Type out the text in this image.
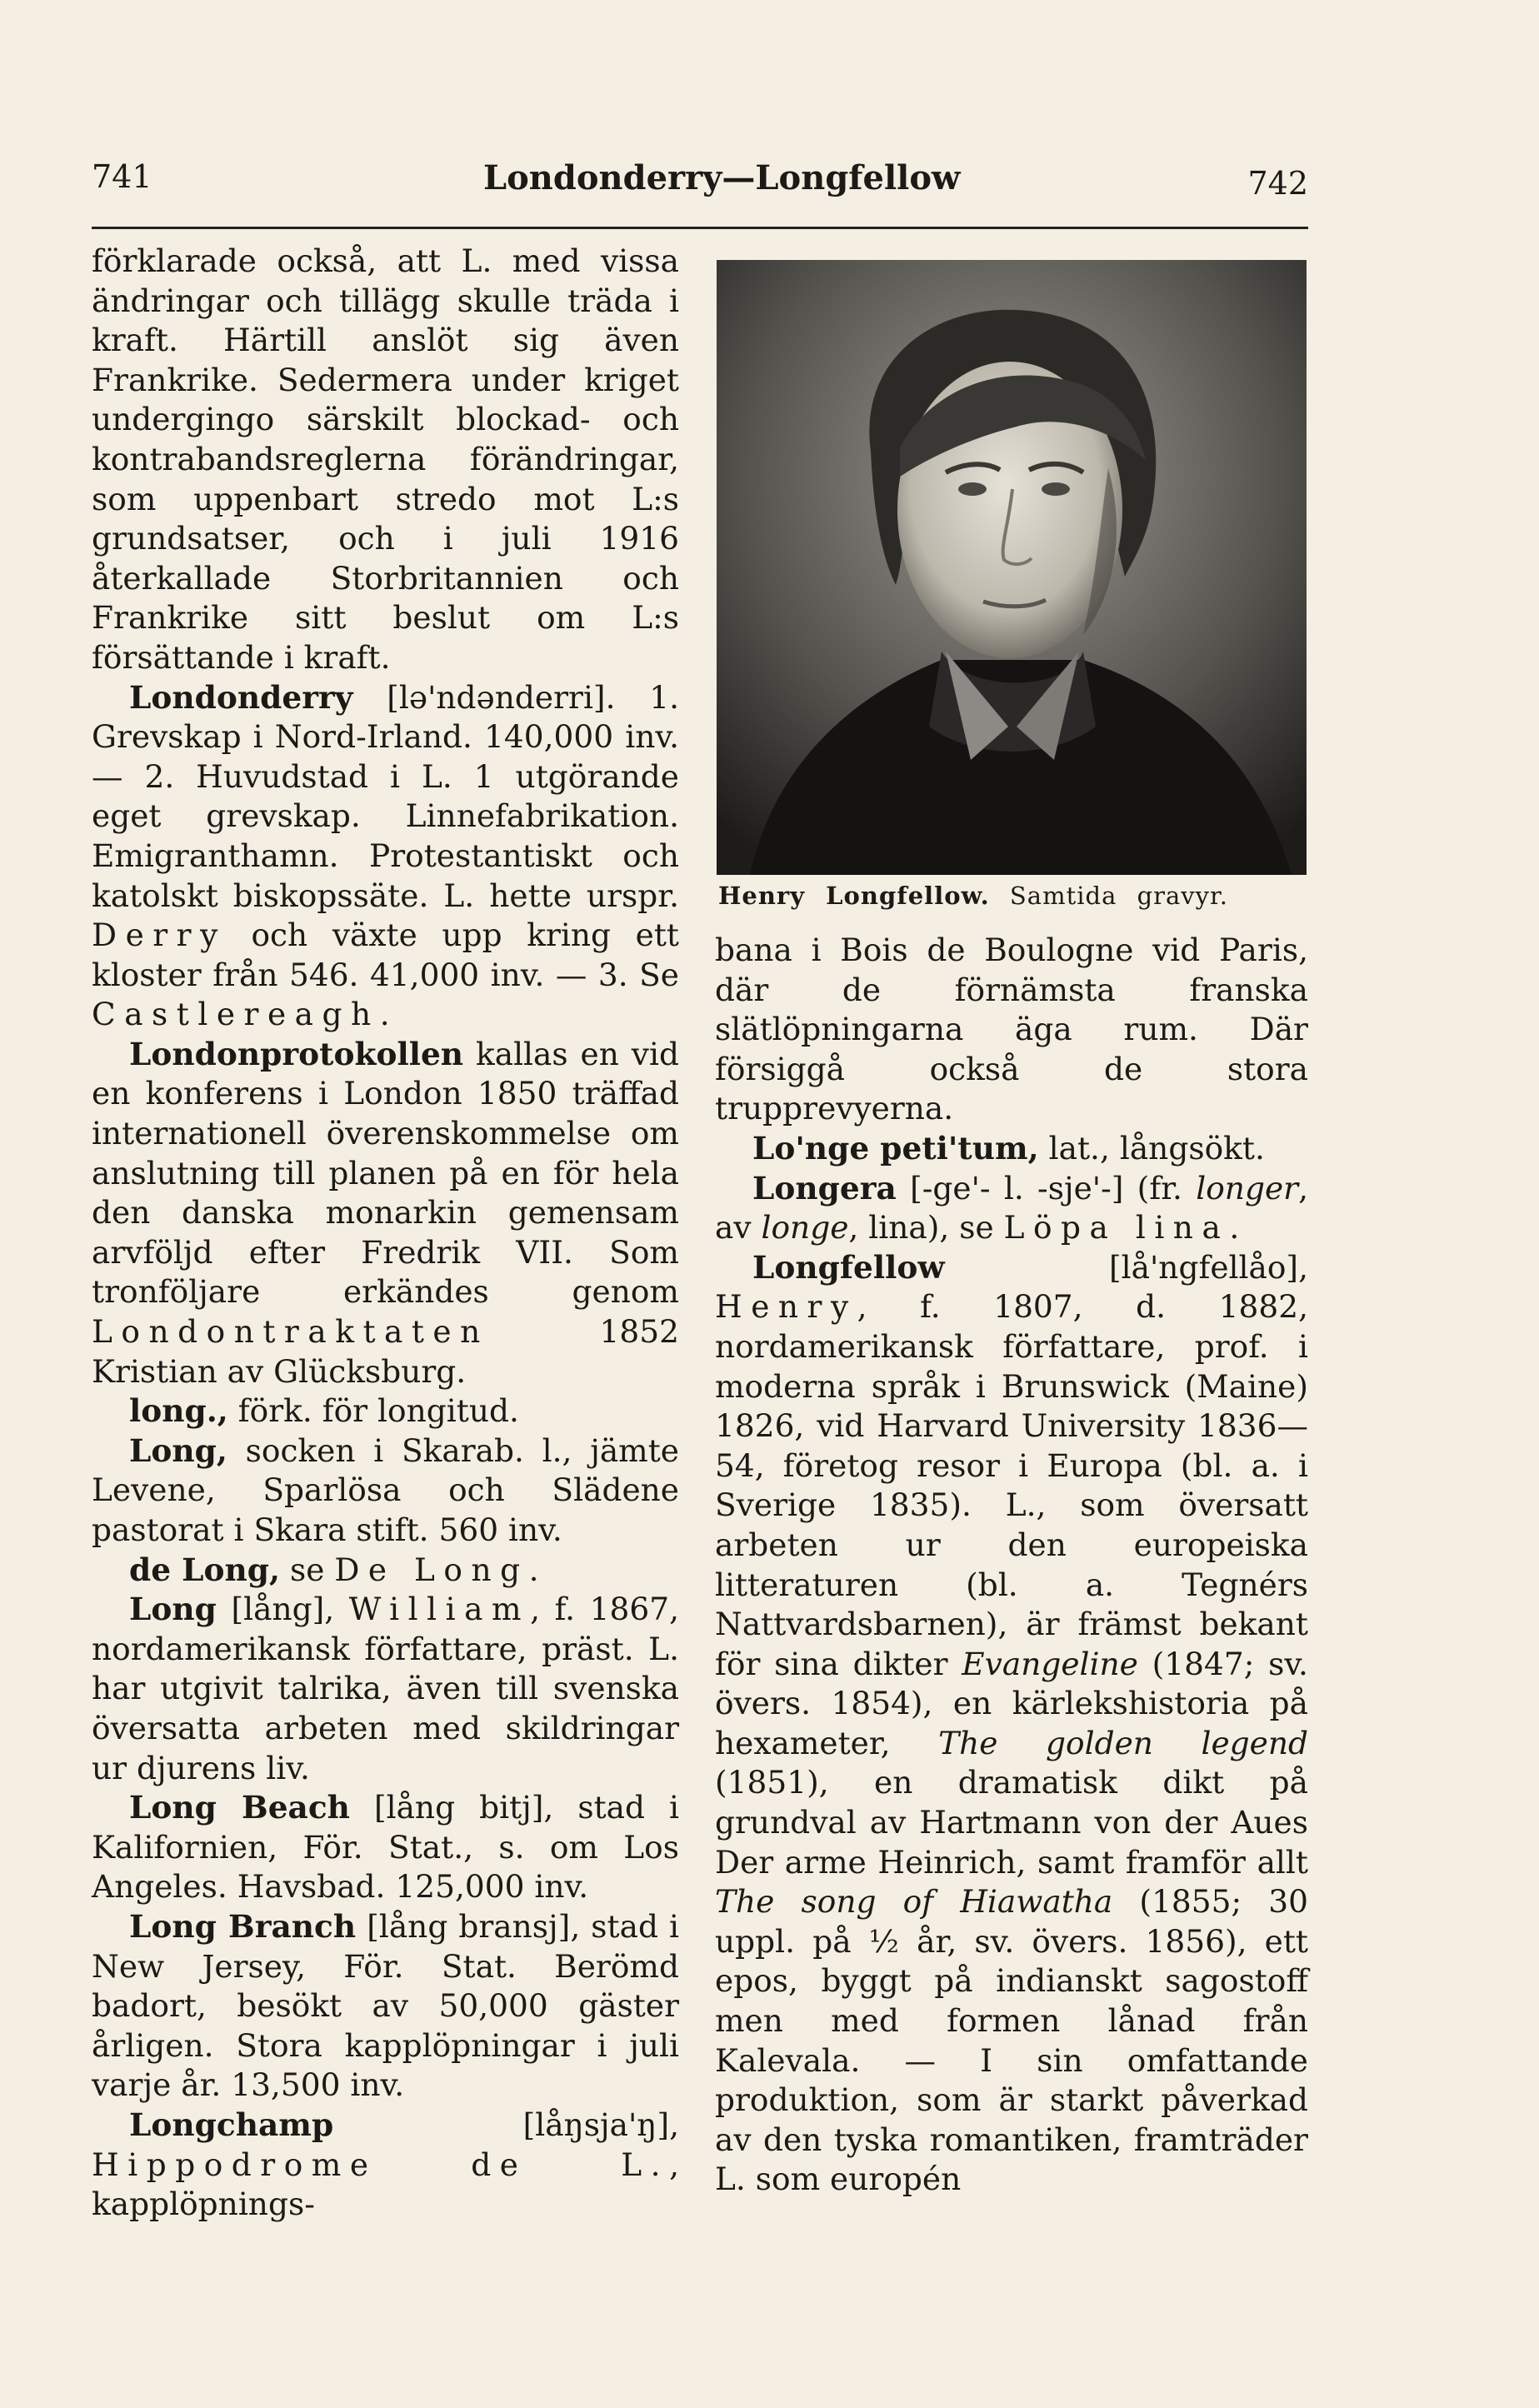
741	Londonderry—Longfellow	742

förklarade också, att L. med vissa ändringar och tillägg skulle träda i kraft. Härtill anslöt sig även Frankrike. Sedermera under kriget undergingo särskilt blockad- och kontrabandsreglerna förändringar, som uppenbart stredo mot L:s grundsatser, och i juli 1916 återkallade Storbritannien och Frankrike sitt beslut om L:s försättande i kraft.

Londonderry [lə'ndənderri]. 1. Grevskap i Nord-Irland. 140,000 inv. — 2. Huvudstad i L. 1 utgörande eget grevskap. Linnefabrikation. Emigranthamn. Protestantiskt och katolskt biskopssäte. L. hette urspr. Derry och växte upp kring ett kloster från 546. 41,000 inv. — 3. Se Castlereagh.

Londonprotokollen kallas en vid en konferens i London 1850 träffad internationell överenskommelse om anslutning till planen på en för hela den danska monarkin gemensam arvföljd efter Fredrik VII. Som tronföljare erkändes genom Londontraktaten 1852 Kristian av Glücksburg.

long., förk. för longitud.

Long, socken i Skarab. l., jämte Levene, Sparlösa och Slädene pastorat i Skara stift. 560 inv.

de Long, se De Long.

Long [lång], William, f. 1867, nordamerikansk författare, präst. L. har utgivit talrika, även till svenska översatta arbeten med skildringar ur djurens liv.

Long Beach [lång bitj], stad i Kalifornien, För. Stat., s. om Los Angeles. Havsbad. 125,000 inv.

Long Branch [lång bransj], stad i New Jersey, För. Stat. Berömd badort, besökt av 50,000 gäster årligen. Stora kapplöpningar i juli varje år. 13,500 inv.

Longchamp [låŋsja'ŋ], Hippodrome de L., kapplöpnings-

Henry Longfellow. Samtida gravyr.

bana i Bois de Boulogne vid Paris, där de förnämsta franska slätlöpningarna äga rum. Där försiggå också de stora trupprevyerna.

Lo'nge peti'tum, lat., långsökt.

Longera [-ge'- l. -sje'-] (fr. longer, av longe, lina), se Löpa lina.

Longfellow [lå'ngfellåo], Henry, f. 1807, d. 1882, nordamerikansk författare, prof. i moderna språk i Brunswick (Maine) 1826, vid Harvard University 1836—54, företog resor i Europa (bl. a. i Sverige 1835). L., som översatt arbeten ur den europeiska litteraturen (bl. a. Tegnérs Nattvardsbarnen), är främst bekant för sina dikter Evangeline (1847; sv. övers. 1854), en kärlekshistoria på hexameter, The golden legend (1851), en dramatisk dikt på grundval av Hartmann von der Aues Der arme Heinrich, samt framför allt The song of Hiawatha (1855; 30 uppl. på ½ år, sv. övers. 1856), ett epos, byggt på indianskt sagostoff men med formen lånad från Kalevala. — I sin omfattande produktion, som är starkt påverkad av den tyska romantiken, framträder L. som europén
